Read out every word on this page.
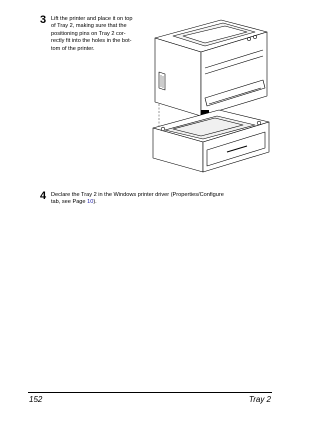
3 Lift the printer and place it on top
of Tray 2, making sure that the
positioning pins on Tray 2 cor-
rectly fit into the holes in the bot-
tom of the printer.
4 Declare the Tray 2 in the Windows printer driver (Properties/Configure
tab, see Page 10).
152	Tray 2
